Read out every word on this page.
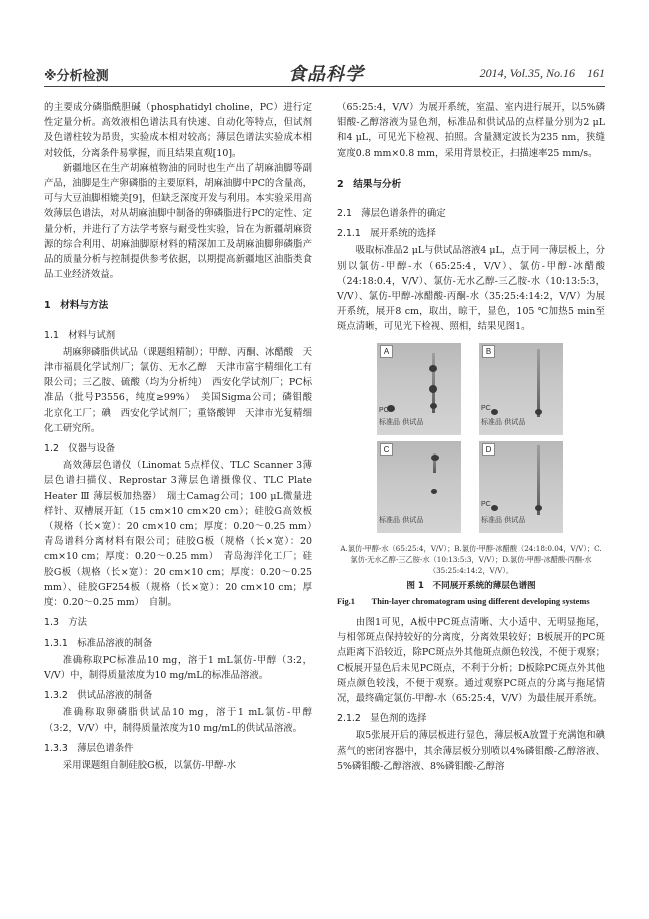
※分析检测	食品科学	2014, Vol.35, No.16 161

的主要成分磷脂酰胆碱（phosphatidyl choline，PC）进行定性定量分析。高效液相色谱法具有快速、自动化等特点，但试剂及色谱柱较为昂贵，实验成本相对较高；薄层色谱法实验成本相对较低，分离条件易掌握，而且结果直观[10]。

新疆地区在生产胡麻植物油的同时也生产出了胡麻油脚等副产品，油脚是生产卵磷脂的主要原料，胡麻油脚中PC的含量高，可与大豆油脚相媲美[9]，但缺乏深度开发与利用。本实验采用高效薄层色谱法，对从胡麻油脚中制备的卵磷脂进行PC的定性、定量分析，并进行了方法学考察与耐受性实验，旨在为新疆胡麻资源的综合利用、胡麻油脚原材料的精深加工及胡麻油脚卵磷脂产品的质量分析与控制提供参考依据，以期提高新疆地区油脂类食品工业经济效益。

1　材料与方法
1.1　材料与试剂

胡麻卵磷脂供试品（课题组精制）；甲醇、丙酮、冰醋酸　天津市福晨化学试剂厂；氯仿、无水乙醇　天津市富宇精细化工有限公司；三乙胺、硫酸（均为分析纯）　西安化学试剂厂；PC标准品（批号P3556，纯度≥99%）　美国Sigma公司；磷钼酸　北京化工厂；碘　西安化学试剂厂；重铬酸钾　天津市光复精细化工研究所。

1.2　仪器与设备

高效薄层色谱仪（Linomat 5点样仪、TLC Scanner 3薄层色谱扫描仪、Reprostar 3薄层色谱摄像仪、TLC Plate Heater Ⅲ 薄层板加热器）　瑞士Camag公司；100 μL微量进样针、双槽展开缸（15 cm×10 cm×20 cm）；硅胶G高效板（规格（长×宽）：20 cm×10 cm；厚度：0.20～0.25 mm）　青岛谱科分离材料有限公司；硅胶G板（规格（长×宽）：20 cm×10 cm；厚度：0.20～0.25 mm）　青岛海洋化工厂；硅胶G板（规格（长×宽）：20 cm×10 cm；厚度：0.20～0.25 mm）、硅胶GF254板（规格（长×宽）：20 cm×10 cm；厚度：0.20～0.25 mm）　自制。

1.3　方法
1.3.1　标准品溶液的制备

准确称取PC标准品10 mg，溶于1 mL氯仿-甲醇（3:2，V/V）中，制得质量浓度为10 mg/mL的标准品溶液。

1.3.2　供试品溶液的制备

准确称取卵磷脂供试品10 mg，溶于1 mL氯仿-甲醇（3:2，V/V）中，制得质量浓度为10 mg/mL的供试品溶液。

1.3.3　薄层色谱条件

采用课题组自制硅胶G板，以氯仿-甲醇-水

（65:25:4，V/V）为展开系统，室温、室内进行展开，以5%磷钼酸-乙醇溶液为显色剂，标准品和供试品的点样量分别为2 μL和4 μL，可见光下检视、拍照。含量测定波长为235 nm，狭缝宽度0.8 mm×0.8 mm，采用背景校正，扫描速率25 mm/s。

2　结果与分析
2.1　薄层色谱条件的确定
2.1.1　展开系统的选择

吸取标准品2 μL与供试品溶液4 μL，点于同一薄层板上，分别以氯仿-甲醇-水（65:25:4，V/V）、氯仿-甲醇-冰醋酸（24:18:0.4，V/V）、氯仿-无水乙醇-三乙胺-水（10:13:5:3，V/V）、氯仿-甲醇-冰醋酸-丙酮-水（35:25:4:14:2，V/V）为展开系统，展开8 cm，取出，晾干，显色，105 ℃加热5 min至斑点清晰，可见光下检视、照相，结果见图1。

A
PC
标准品 供试品
B
PC
标准品 供试品
C
标准品 供试品
D
PC
标准品 供试品
A.氯仿-甲醇-水（65:25:4，V/V）；B.氯仿-甲醇-冰醋酸（24:18:0.04，V/V）；C.氯仿-无水乙醇-三乙胺-水（10:13:5:3，V/V）；D.氯仿-甲醇-冰醋酸-丙酮-水（35:25:4:14:2，V/V）。
图 1　不同展开系统的薄层色谱图
Fig.1　　Thin-layer chromatogram using different developing systems

由图1可见，A板中PC斑点清晰、大小适中、无明显拖尾，与相邻斑点保持较好的分离度，分离效果较好；B板展开的PC斑点距离下沿较近，除PC斑点外其他斑点颜色较浅，不便于观察；C板展开显色后未见PC斑点，不利于分析；D板除PC斑点外其他斑点颜色较浅，不便于观察。通过观察PC斑点的分离与拖尾情况，最终确定氯仿-甲醇-水（65:25:4，V/V）为最佳展开系统。

2.1.2　显色剂的选择

取5张展开后的薄层板进行显色，薄层板A放置于充满饱和碘蒸气的密闭容器中，其余薄层板分别喷以4%磷钼酸-乙醇溶液、5%磷钼酸-乙醇溶液、8%磷钼酸-乙醇溶
